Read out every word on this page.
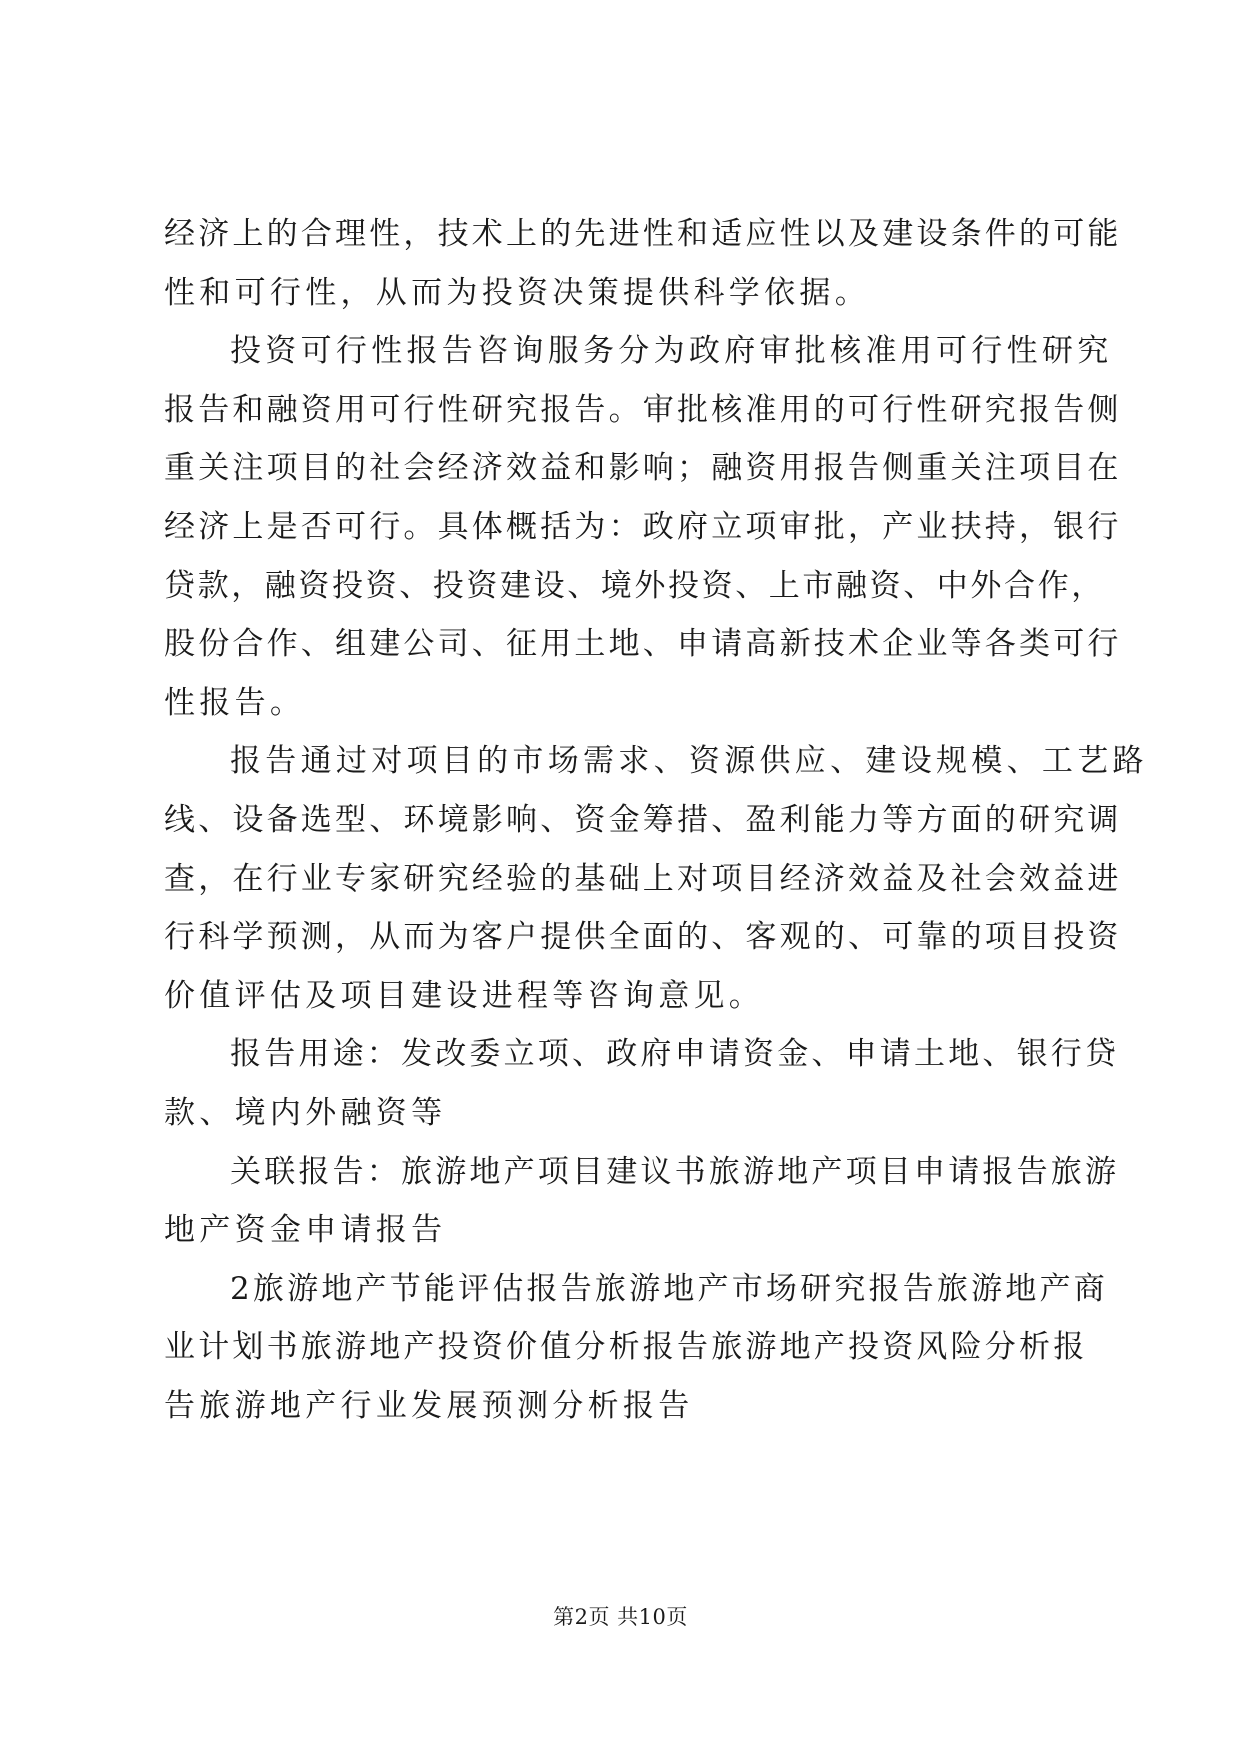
经济上的合理性，技术上的先进性和适应性以及建设条件的可能
性和可行性，从而为投资决策提供科学依据。
投资可行性报告咨询服务分为政府审批核准用可行性研究
报告和融资用可行性研究报告。审批核准用的可行性研究报告侧
重关注项目的社会经济效益和影响；融资用报告侧重关注项目在
经济上是否可行。具体概括为：政府立项审批，产业扶持，银行
贷款，融资投资、投资建设、境外投资、上市融资、中外合作，
股份合作、组建公司、征用土地、申请高新技术企业等各类可行
性报告。
报告通过对项目的市场需求、资源供应、建设规模、工艺路
线、设备选型、环境影响、资金筹措、盈利能力等方面的研究调
查，在行业专家研究经验的基础上对项目经济效益及社会效益进
行科学预测，从而为客户提供全面的、客观的、可靠的项目投资
价值评估及项目建设进程等咨询意见。
报告用途：发改委立项、政府申请资金、申请土地、银行贷
款、境内外融资等
关联报告：旅游地产项目建议书旅游地产项目申请报告旅游
地产资金申请报告
2旅游地产节能评估报告旅游地产市场研究报告旅游地产商
业计划书旅游地产投资价值分析报告旅游地产投资风险分析报
告旅游地产行业发展预测分析报告
第2页 共10页
